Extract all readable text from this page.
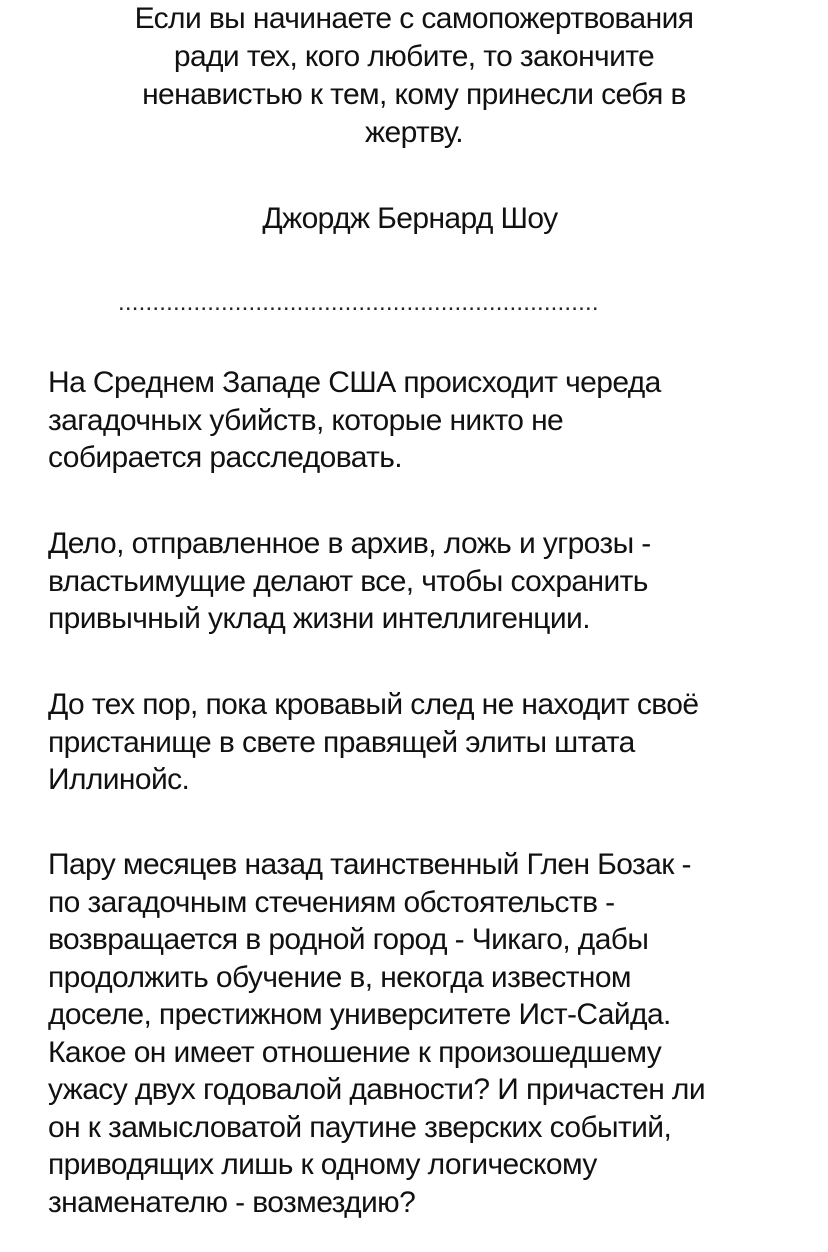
Если вы начинаете с самопожертвования
ради тех, кого любите, то закончите
ненавистью к тем, кому принесли себя в
жертву.
Джордж Бернард Шоу
......................................................................

На Среднем Западе США происходит череда
загадочных убийств, которые никто не
собирается расследовать.

Дело, отправленное в архив, ложь и угрозы -
властьимущие делают все, чтобы сохранить
привычный уклад жизни интеллигенции.

До тех пор, пока кровавый след не находит своё
пристанище в свете правящей элиты штата
Иллинойс.

Пару месяцев назад таинственный Глен Бозак -
по загадочным стечениям обстоятельств -
возвращается в родной город - Чикаго, дабы
продолжить обучение в, некогда известном
доселе, престижном университете Ист-Сайда.
Какое он имеет отношение к произошедшему
ужасу двух годовалой давности? И причастен ли
он к замысловатой паутине зверских событий,
приводящих лишь к одному логическому
знаменателю - возмездию?
